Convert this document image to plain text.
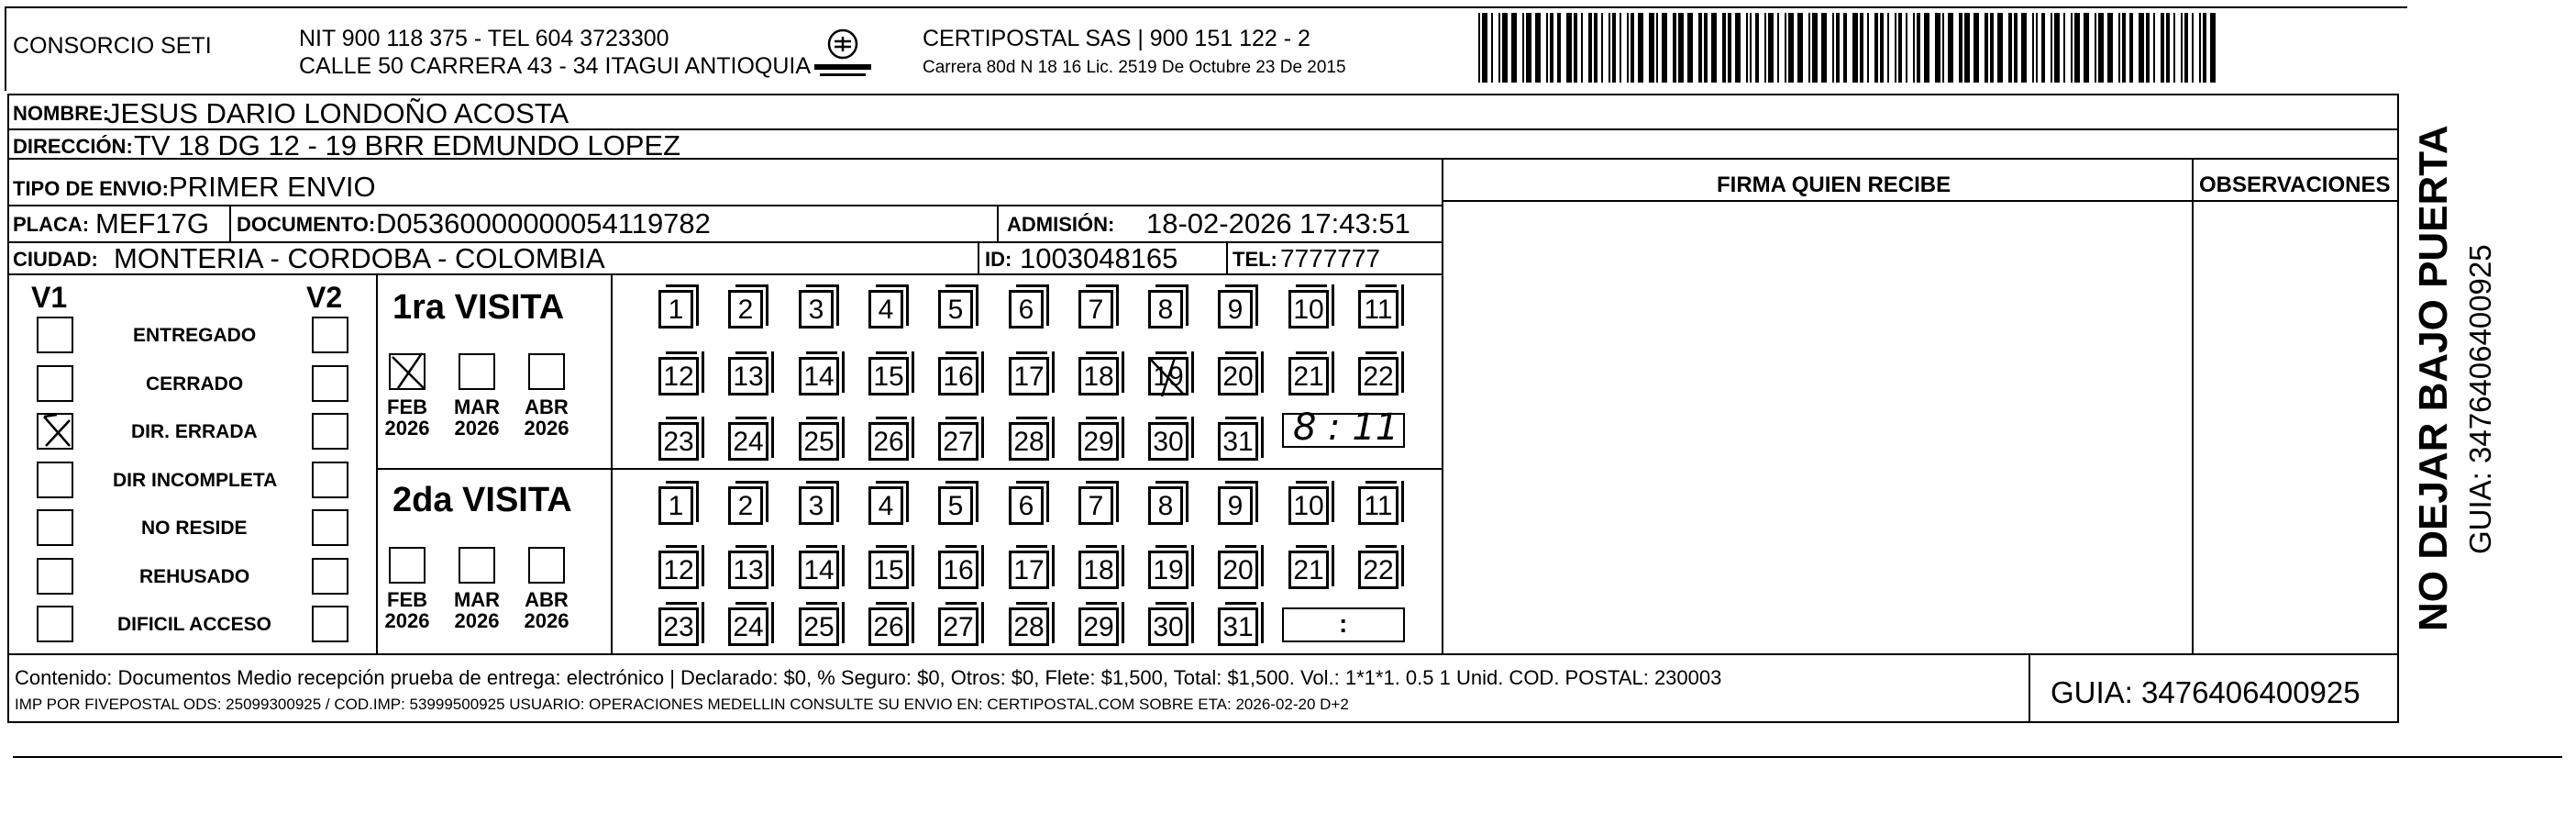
CONSORCIO SETI	NIT 900 118 375 - TEL 604 3723300
CALLE 50 CARRERA 43 - 34 ITAGUI ANTIOQUIA
CERTIPOSTAL SAS | 900 151 122 - 2
Carrera 80d N 18 16 Lic. 2519 De Octubre 23 De 2015
NOMBRE:
JESUS DARIO LONDOÑO ACOSTA
DIRECCIÓN: TV 18 DG 12 - 19 BRR EDMUNDO LOPEZ
TIPO DE ENVIO: PRIMER ENVIO
PLACA: MEF17G DOCUMENTO: D05360000000054119782	ADMISIÓN: 18-02-2026 17:43:51
CIUDAD: MONTERIA - CORDOBA - COLOMBIA	ID: 1003048165	TEL: 7777777
FIRMA QUIEN RECIBE	OBSERVACIONES
V1	V2
ENTREGADO
CERRADO
DIR. ERRADA
DIR INCOMPLETA
NO RESIDE
REHUSADO
DIFICIL ACCESO
1ra VISITA
2da VISITA
FEB
2026
MAR
2026
ABR
2026
FEB
2026
MAR
2026
ABR
2026
1	2	3	4	5	6	7	8	9	10 11
12 13 14 15 16 17 18 19 20 21 22
23 24 25 26 27 28 29 30 31
1	2	3	4	5	6	7	8	9	10 11
12 13 14 15 16 17 18 19 20 21 22
23 24 25 26 27 28 29 30 31
8 : 11
:
Contenido: Documentos Medio recepción prueba de entrega: electrónico | Declarado: $0, % Seguro: $0, Otros: $0, Flete: $1,500, Total: $1,500. Vol.: 1*1*1. 0.5 1 Unid. COD. POSTAL: 230003
IMP POR FIVEPOSTAL ODS: 25099300925 / COD.IMP: 53999500925 USUARIO: OPERACIONES MEDELLIN CONSULTE SU ENVIO EN: CERTIPOSTAL.COM SOBRE ETA: 2026-02-20 D+2	GUIA: 3476406400925
NO DEJAR BAJO PUERTA GUIA: 3476406400925
